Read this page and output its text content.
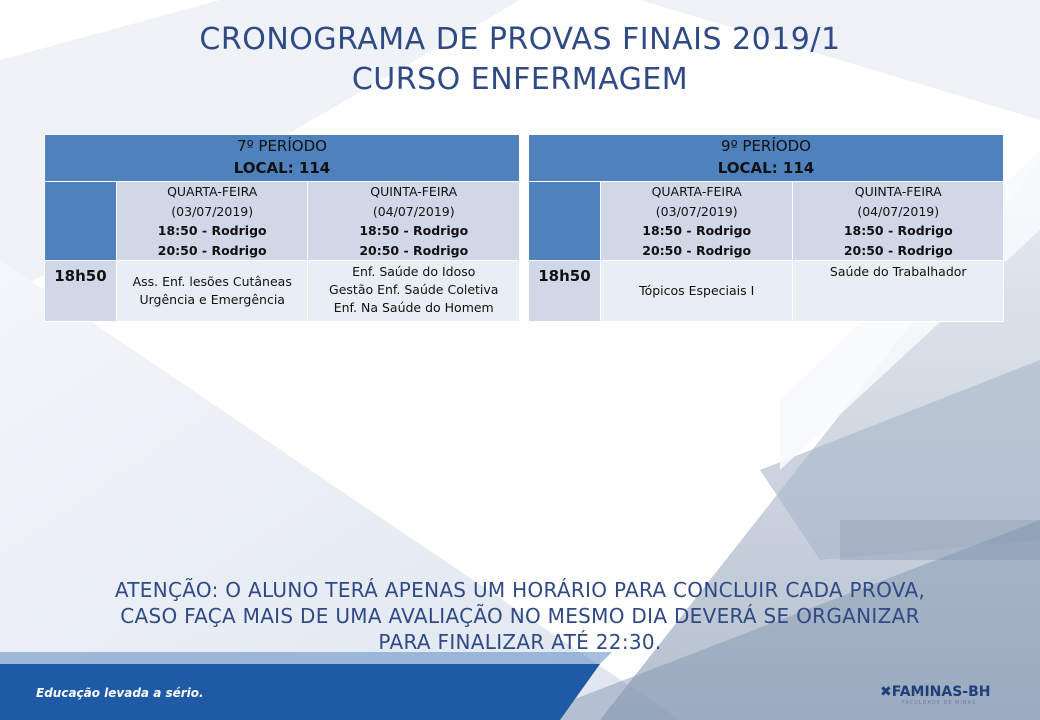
CRONOGRAMA DE PROVAS FINAIS 2019/1
CURSO ENFERMAGEM
7º PERÍODO
LOCAL: 114		

	QUARTA-FEIRA
(03/07/2019)
18:50 - Rodrigo
20:50 - Rodrigo	QUINTA-FEIRA
(04/07/2019)
18:50 - Rodrigo
20:50 - Rodrigo

18h50	Ass. Enf. lesões Cutâneas
Urgência e Emergência	Enf. Saúde do Idoso
Gestão Enf. Saúde Coletiva
Enf. Na Saúde do Homem
9º PERÍODO
LOCAL: 114		

	QUARTA-FEIRA
(03/07/2019)
18:50 - Rodrigo
20:50 - Rodrigo	QUINTA-FEIRA
(04/07/2019)
18:50 - Rodrigo
20:50 - Rodrigo

18h50	Tópicos Especiais I	Saúde do Trabalhador
ATENÇÃO: O ALUNO TERÁ APENAS UM HORÁRIO PARA CONCLUIR CADA PROVA,
CASO FAÇA MAIS DE UMA AVALIAÇÃO NO MESMO DIA DEVERÁ SE ORGANIZAR
PARA FINALIZAR ATÉ 22:30.
Educação levada a sério.	✖FAMINAS-BH
FACULDADE DE MINAS
